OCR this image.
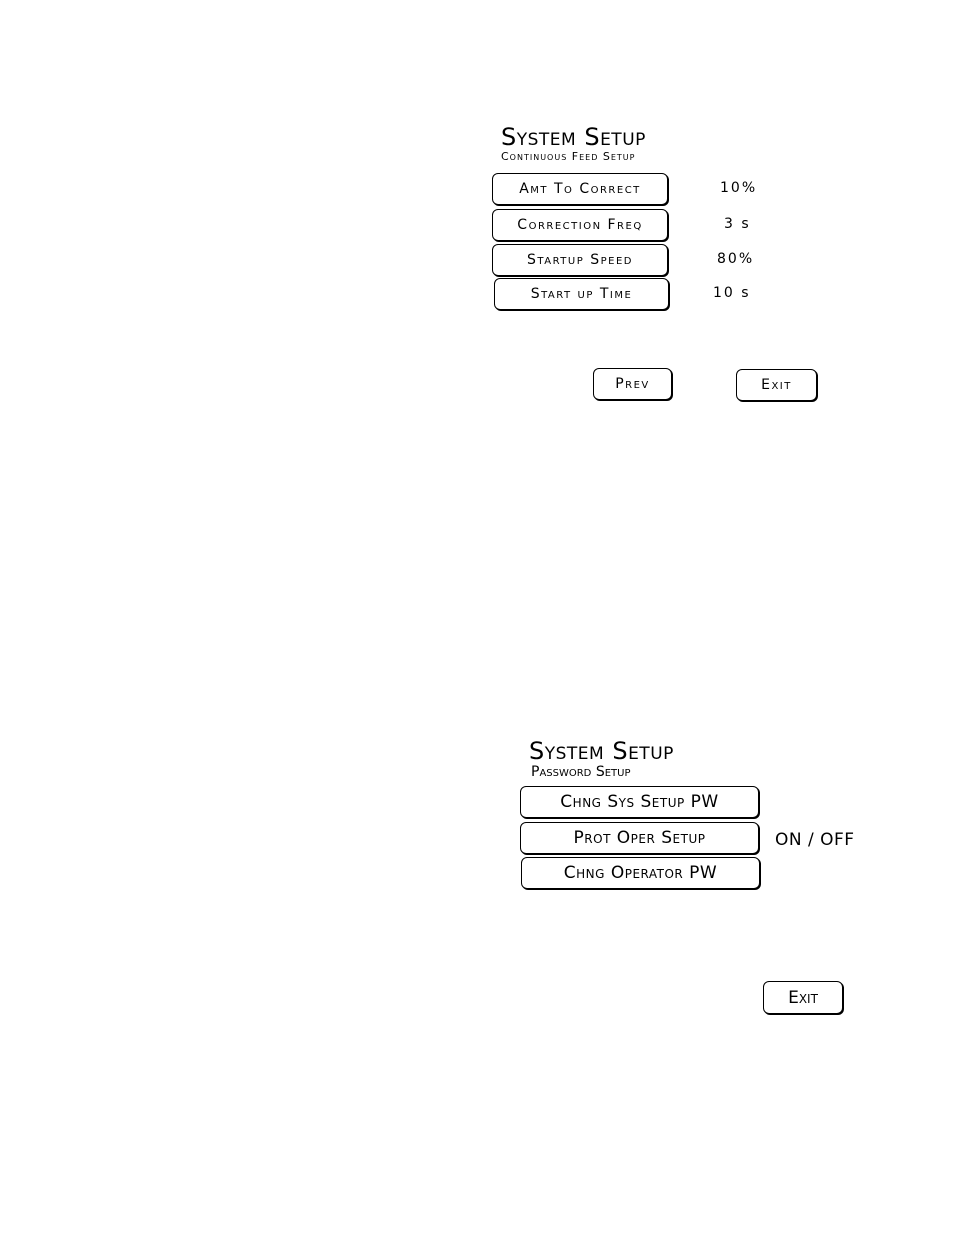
System Setup
Continuous Feed Setup
Amt To Correct	10%
Correction Freq	3 s
Startup Speed	80%
Start up Time	10 s
Prev	Exit
System Setup
Password Setup
Chng Sys Setup PW
Prot Oper Setup	ON / OFF
Chng Operator PW
Exit
